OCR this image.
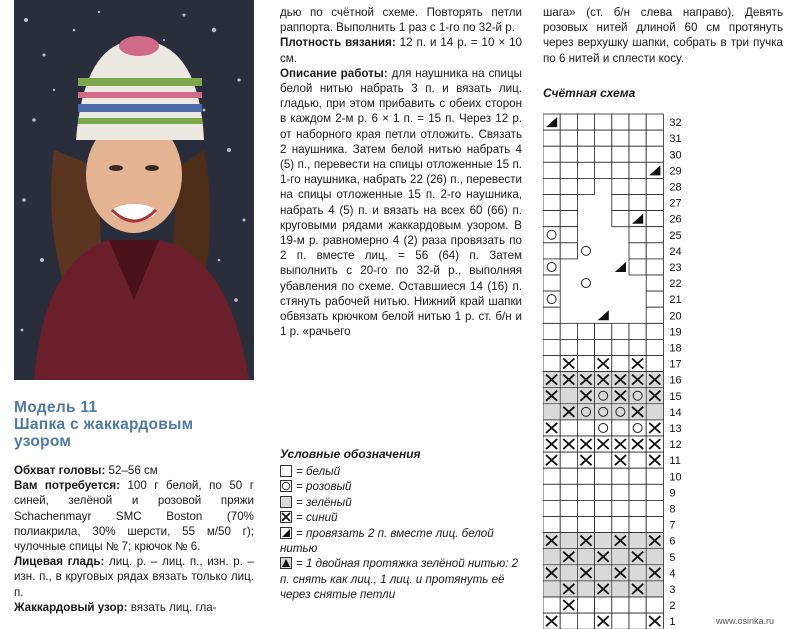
Модель 11
Шапка с жаккардовым
узором

Обхват головы: 52–56 см

Вам потребуется: 100 г белой, по 50 г синей, зелёной и розовой пряжи Schachenmayr SMC Boston (70% полиакрила, 30% шерсти, 55 м/50 г); чулочные спицы № 7; крючок № 6.

Лицевая гладь: лиц. р. – лиц. п., изн. р. – изн. п., в круговых рядах вязать только лиц. п.

Жаккардовый узор: вязать лиц. гла-

дью по счётной схеме. Повторять петли раппорта. Выполнить 1 раз с 1-го по 32-й р.

Плотность вязания: 12 п. и 14 р. = 10 × 10 см.

Описание работы: для наушника на спицы белой нитью набрать 3 п. и вязать лиц. гладью, при этом прибавить с обеих сторон в каждом 2-м р. 6 × 1 п. = 15 п. Через 12 р. от наборного края петли отложить. Связать 2 наушника. Затем белой нитью набрать 4 (5) п., перевести на спицы отложенные 15 п. 1-го наушника, набрать 22 (26) п., перевести на спицы отложенные 15 п. 2-го наушника, набрать 4 (5) п. и вязать на всех 60 (66) п. круговыми рядами жаккардовым узором. В 19-м р. равномерно 4 (2) раза провязать по 2 п. вместе лиц. = 56 (64) п. Затем выполнить с 20-го по 32-й р., выполняя убавления по схеме. Оставшиеся 14 (16) п. стянуть рабочей нитью. Нижний край шапки обвязать крючком белой нитью 1 р. ст. б/н и 1 р. «рачьего

Условные обозначения
= белый
= розовый
= зелёный
= синий
= провязать 2 п. вместе лиц. белой нитью
= 1 двойная протяжка зелёной нитью: 2 п. снять как лиц., 1 лиц. и протянуть её через снятые петли

шага» (ст. б/н слева направо). Девять розовых нитей длиной 60 см протянуть через верхушку шапки, собрать в три пучка по 6 нитей и сплести косу.

Счётная схема
32
31
30
29
28
27
26
25
24
23
22
21
20
19
18
17
16
15
14
13
12
11
10
9
8
7
6
5
4
3
2
1	www.osinka.ru
